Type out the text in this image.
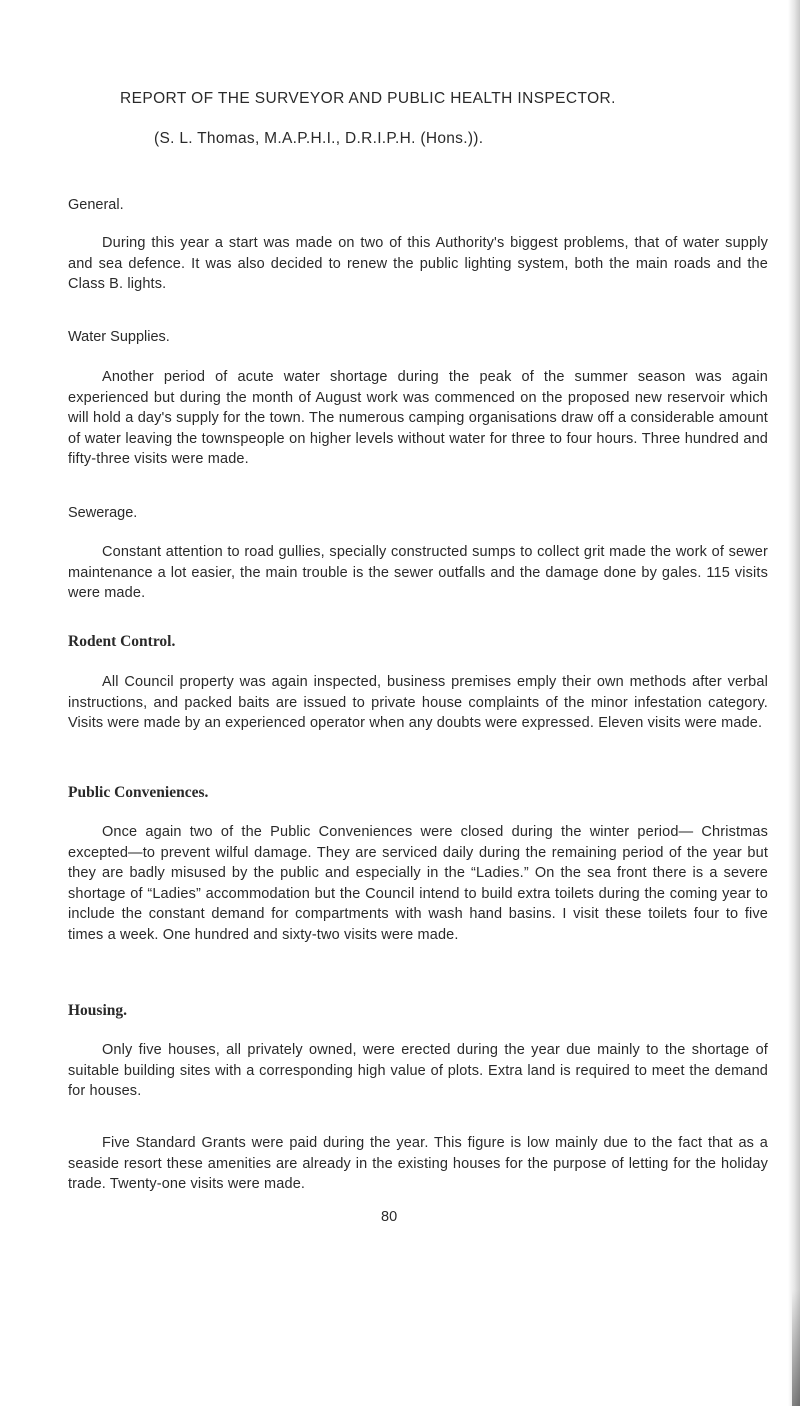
REPORT OF THE SURVEYOR AND PUBLIC HEALTH INSPECTOR.
(S. L. Thomas, M.A.P.H.I., D.R.I.P.H. (Hons.)).
General.

During this year a start was made on two of this Authority's biggest problems, that of water supply and sea defence. It was also decided to renew the public lighting system, both the main roads and the Class B. lights.

Water Supplies.

Another period of acute water shortage during the peak of the summer season was again experienced but during the month of August work was commenced on the proposed new reservoir which will hold a day's supply for the town. The numerous camping organisations draw off a considerable amount of water leaving the townspeople on higher levels without water for three to four hours. Three hundred and fifty-three visits were made.

Sewerage.

Constant attention to road gullies, specially constructed sumps to collect grit made the work of sewer maintenance a lot easier, the main trouble is the sewer outfalls and the damage done by gales. 115 visits were made.

Rodent Control.

All Council property was again inspected, business premises emply their own methods after verbal instructions, and packed baits are issued to private house complaints of the minor infestation category. Visits were made by an experienced operator when any doubts were expressed. Eleven visits were made.

Public Conveniences.

Once again two of the Public Conveniences were closed during the winter period— Christmas excepted—to prevent wilful damage. They are serviced daily during the remaining period of the year but they are badly misused by the public and especially in the “Ladies.” On the sea front there is a severe shortage of “Ladies” accommodation but the Council intend to build extra toilets during the coming year to include the constant demand for compartments with wash hand basins. I visit these toilets four to five times a week. One hundred and sixty-two visits were made.

Housing.

Only five houses, all privately owned, were erected during the year due mainly to the shortage of suitable building sites with a corresponding high value of plots. Extra land is required to meet the demand for houses.

Five Standard Grants were paid during the year. This figure is low mainly due to the fact that as a seaside resort these amenities are already in the existing houses for the purpose of letting for the holiday trade. Twenty-one visits were made.

80
